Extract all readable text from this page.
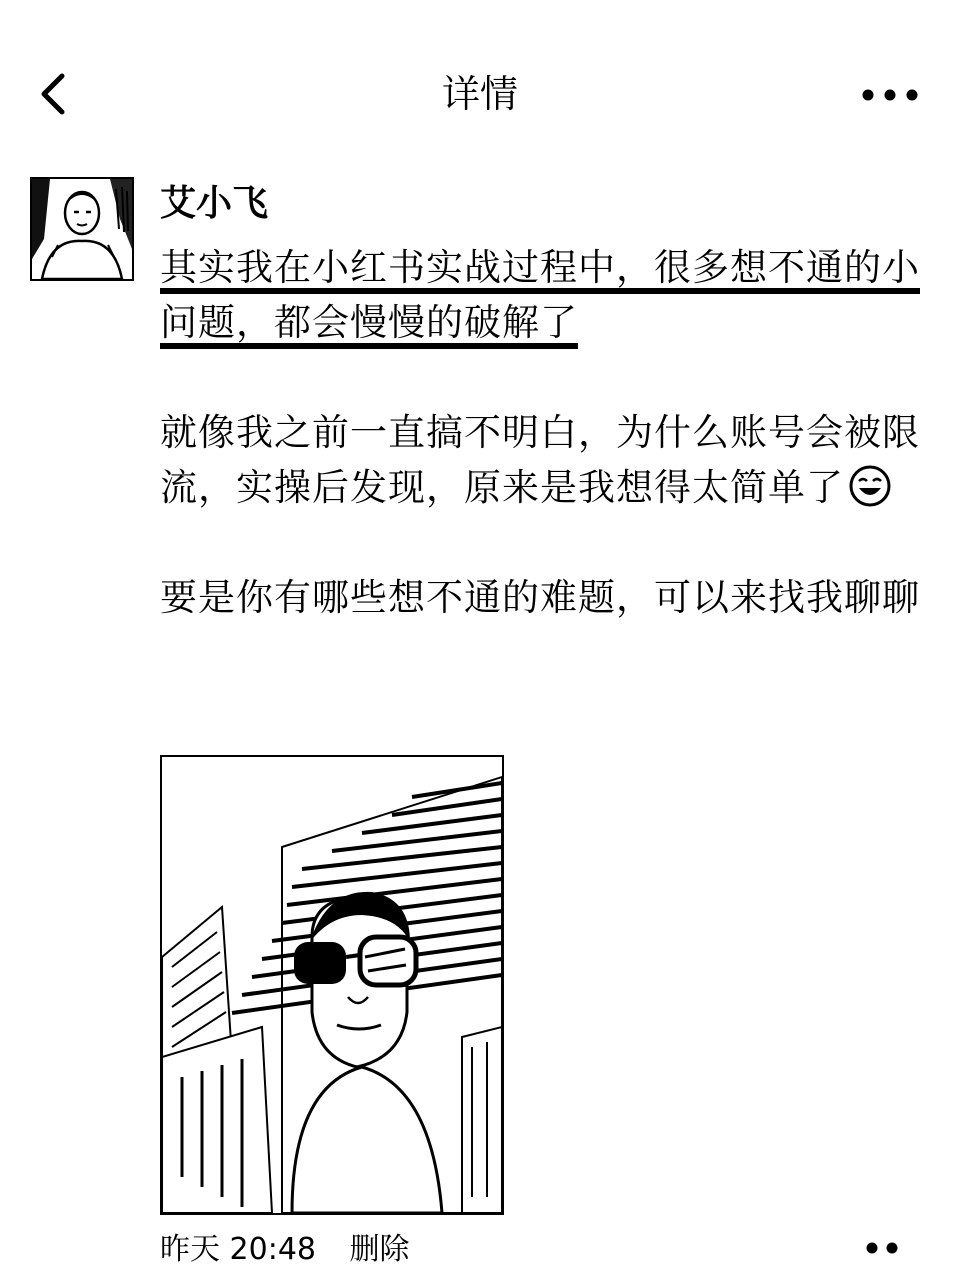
详情
艾小飞

其实我在小红书实战过程中，很多想不通的小问题，都会慢慢的破解了

就像我之前一直搞不明白，为什么账号会被限流，实操后发现，原来是我想得太简单了

要是你有哪些想不通的难题，可以来找我聊聊

昨天 20:48 删除
